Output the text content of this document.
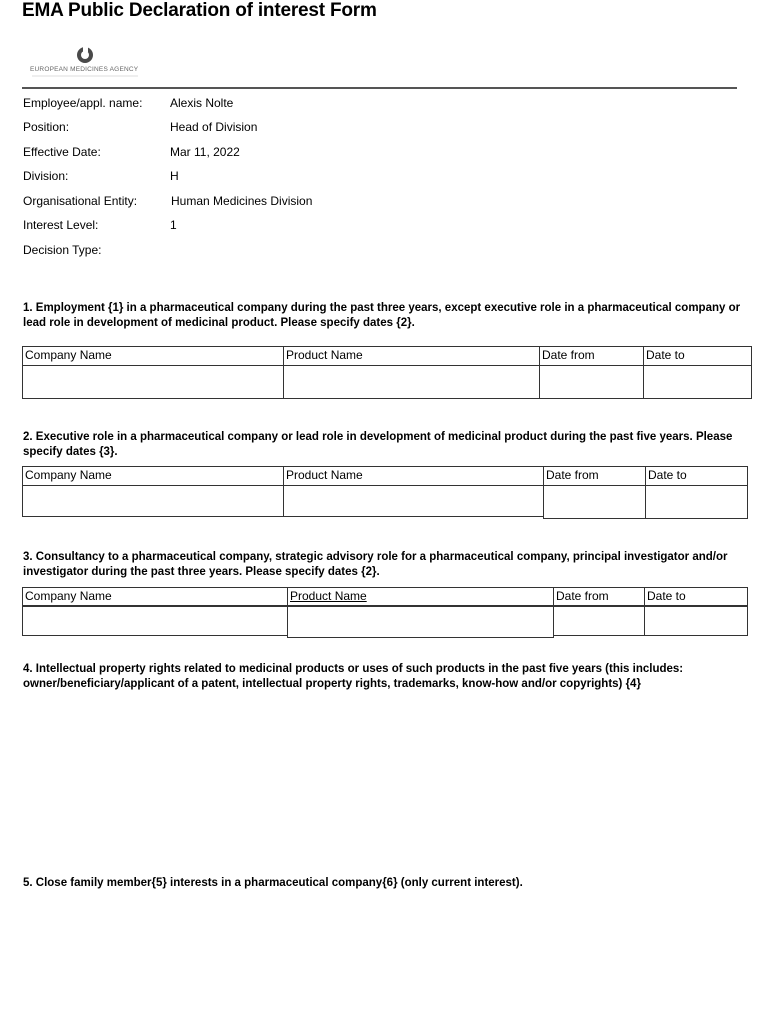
EMA Public Declaration of interest Form
EUROPEAN MEDICINES AGENCY
Employee/appl. name: Alexis Nolte
Position:	Head of Division
Effective Date:	Mar 11, 2022
Division:	H
Organisational Entity:	Human Medicines Division
Interest Level:	1
Decision Type:
1. Employment {1} in a pharmaceutical company during the past three years, except executive role in a pharmaceutical company or lead role in development of medicinal product. Please specify dates {2}.
Company Name	Product Name	Date from	Date to
2. Executive role in a pharmaceutical company or lead role in development of medicinal product during the past five years. Please specify dates {3}.
Company Name	Product Name	Date from	Date to
3. Consultancy to a pharmaceutical company, strategic advisory role for a pharmaceutical company, principal investigator and/or investigator during the past three years. Please specify dates {2}.
Company Name	Product Name	Date from	Date to
4. Intellectual property rights related to medicinal products or uses of such products in the past five years (this includes: owner/beneficiary/applicant of a patent, intellectual property rights, trademarks, know-how and/or copyrights) {4}
5. Close family member{5} interests in a pharmaceutical company{6} (only current interest).
